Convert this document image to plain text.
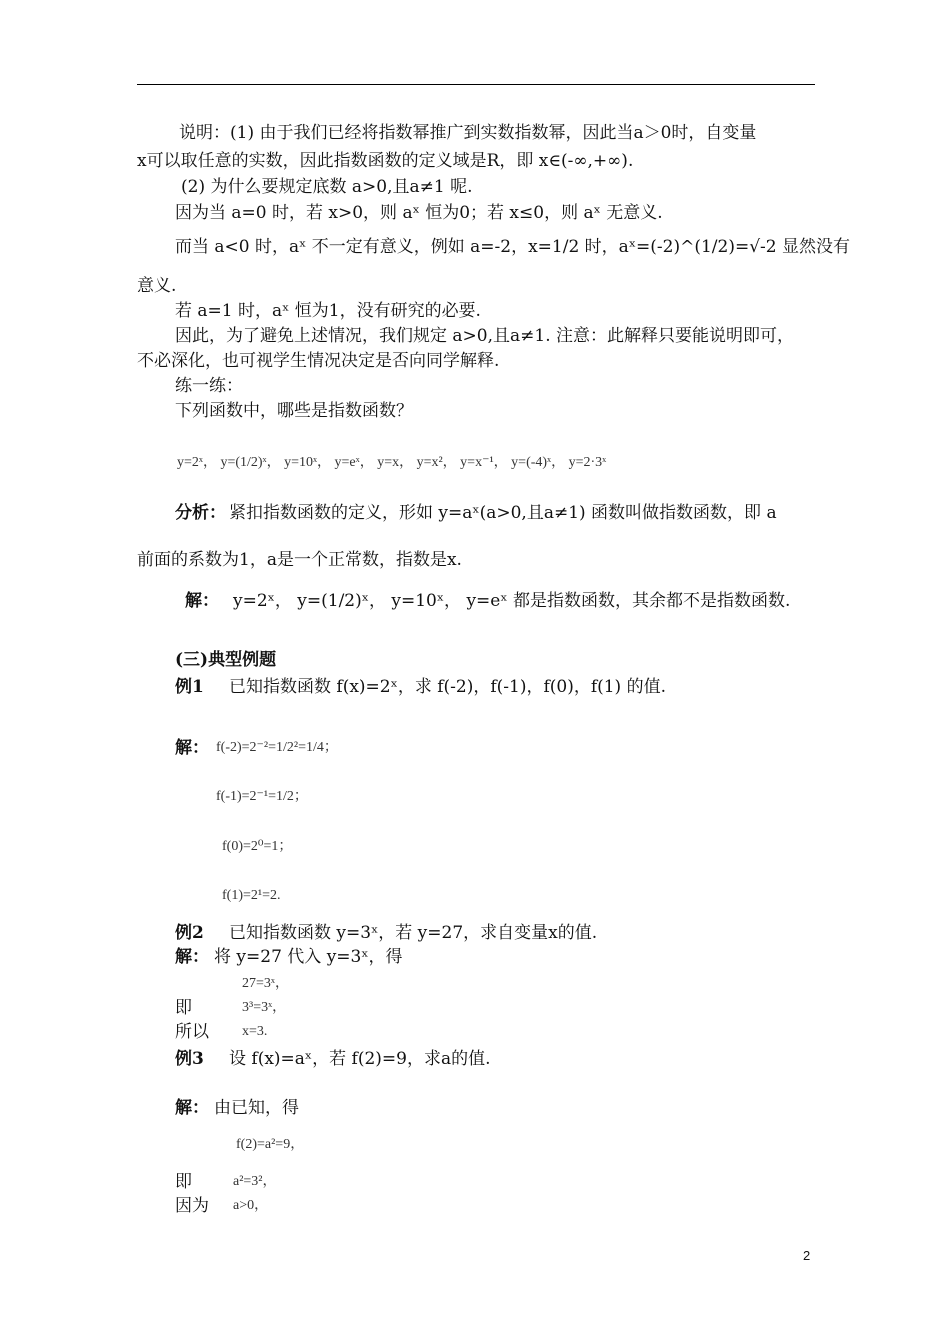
说明：(1) 由于我们已经将指数幂推广到实数指数幂，因此当a＞0时，自变量
x可以取任意的实数，因此指数函数的定义域是R，即 x∈(-∞,+∞).
(2) 为什么要规定底数 a>0,且a≠1 呢.
因为当 a=0 时，若 x>0，则 aˣ 恒为0；若 x≤0，则 aˣ 无意义.
而当 a<0 时，aˣ 不一定有意义，例如 a=-2，x=1/2 时，aˣ=(-2)^(1/2)=√-2 显然没有
意义.
若 a=1 时，aˣ 恒为1，没有研究的必要.
因此，为了避免上述情况，我们规定 a>0,且a≠1. 注意：此解释只要能说明即可，
不必深化，也可视学生情况决定是否向同学解释.
练一练：
下列函数中，哪些是指数函数？
y=2ˣ， y=(1/2)ˣ， y=10ˣ， y=eˣ， y=x， y=x²， y=x⁻¹， y=(-4)ˣ， y=2·3ˣ
分析： 紧扣指数函数的定义，形如 y=aˣ(a>0,且a≠1) 函数叫做指数函数，即 a
前面的系数为1，a是一个正常数，指数是x.
解： y=2ˣ， y=(1/2)ˣ， y=10ˣ， y=eˣ 都是指数函数，其余都不是指数函数.
(三)典型例题
例1 已知指数函数 f(x)=2ˣ，求 f(-2)，f(-1)，f(0)，f(1) 的值.
解： f(-2)=2⁻²=1/2²=1/4；
f(-1)=2⁻¹=1/2；
f(0)=2⁰=1；
f(1)=2¹=2.
例2 已知指数函数 y=3ˣ，若 y=27，求自变量x的值.
解： 将 y=27 代入 y=3ˣ，得
27=3ˣ，
即	3³=3ˣ，
所以 x=3.
例3 设 f(x)=aˣ，若 f(2)=9，求a的值.
解： 由已知，得
f(2)=a²=9，
即	a²=3²，
因为 a>0，
2
